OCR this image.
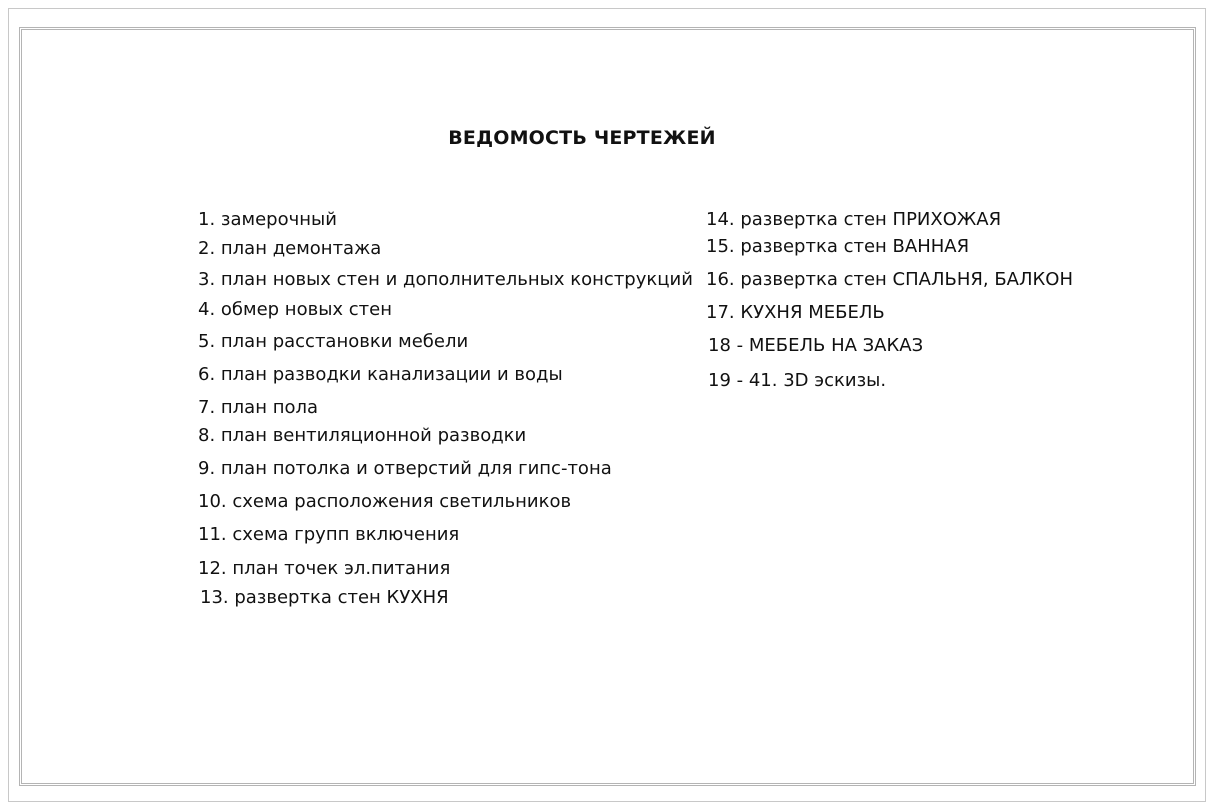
ВЕДОМОСТЬ ЧЕРТЕЖЕЙ
1. замерочный
2. план демонтажа
3. план новых стен и дополнительных конструкций
4. обмер новых стен
5. план расстановки мебели
6. план разводки канализации и воды
7. план пола
8. план вентиляционной разводки
9. план потолка и отверстий для гипс-тона
10. схема расположения светильников
11. схема групп включения
12. план точек эл.питания
13. развертка стен КУХНЯ
14. развертка стен ПРИХОЖАЯ
15. развертка стен ВАННАЯ
16. развертка стен СПАЛЬНЯ, БАЛКОН
17. КУХНЯ МЕБЕЛЬ
18 - МЕБЕЛЬ НА ЗАКАЗ
19 - 41. 3D эскизы.
